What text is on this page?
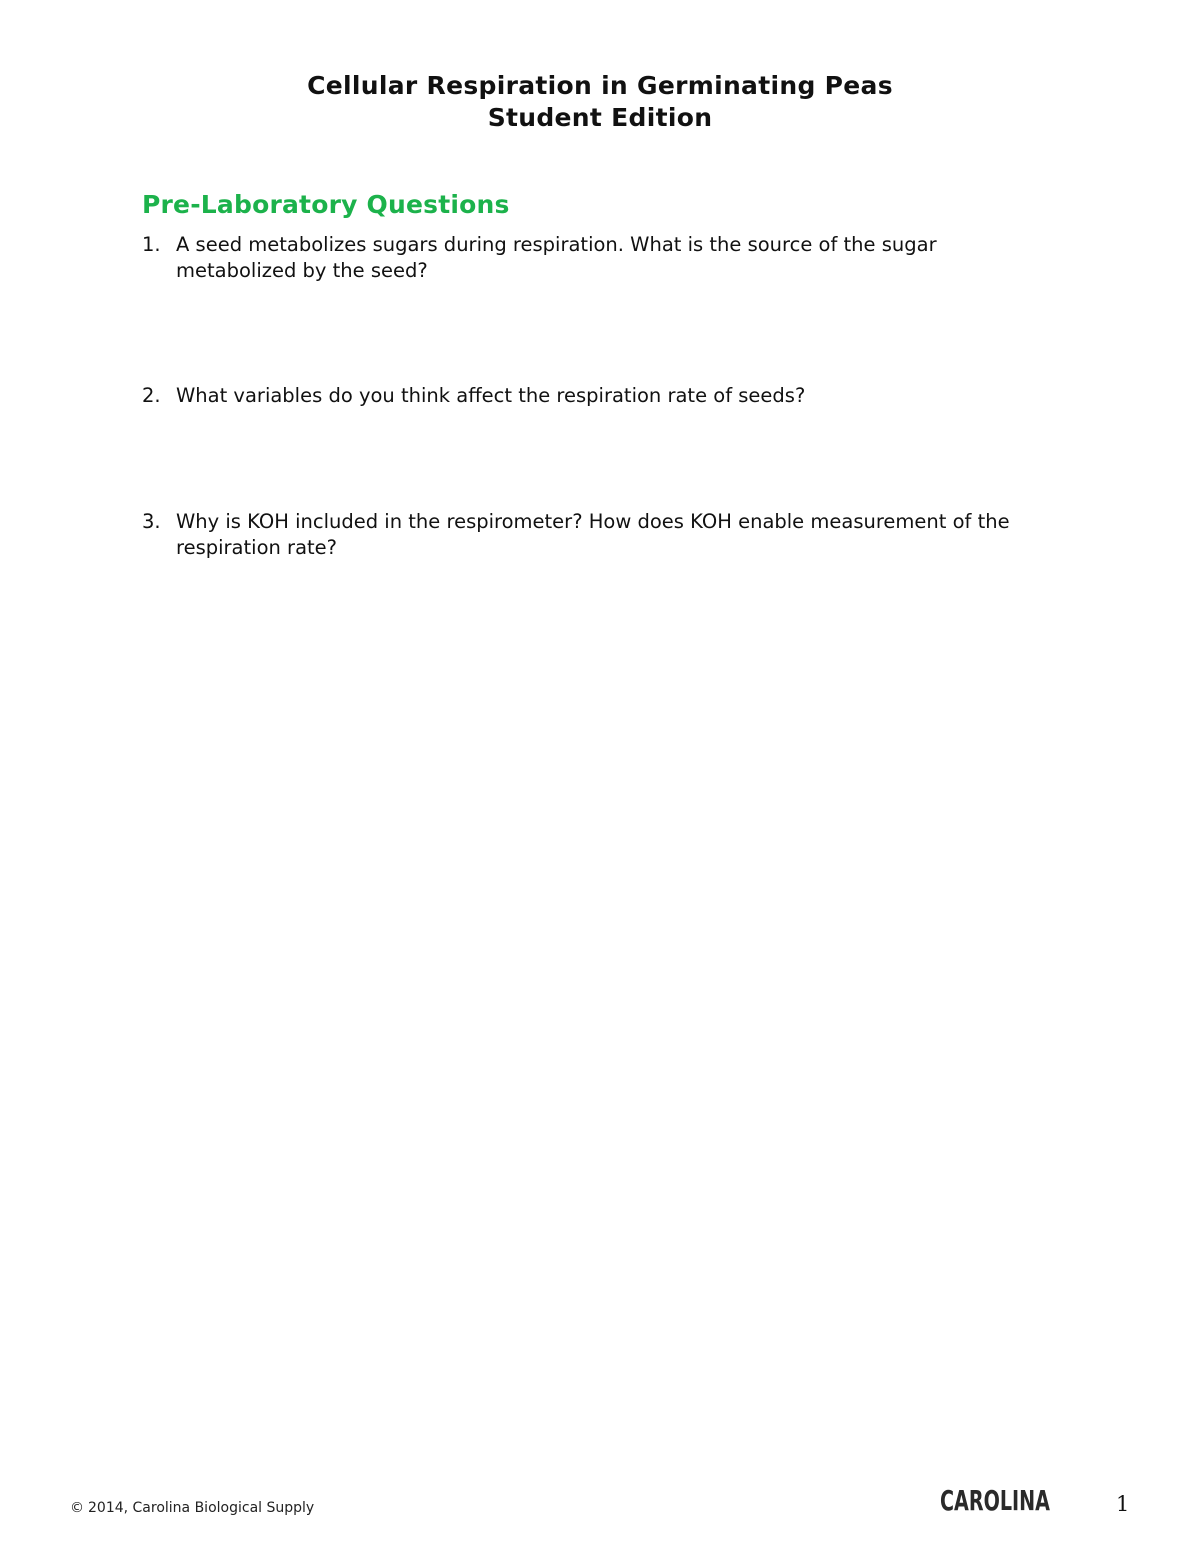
Cellular Respiration in Germinating Peas
Student Edition
Pre-Laboratory Questions
1. A seed metabolizes sugars during respiration. What is the source of the sugar metabolized by the seed?
2. What variables do you think affect the respiration rate of seeds?
3. Why is KOH included in the respirometer? How does KOH enable measurement of the respiration rate?
© 2014, Carolina Biological Supply	CAROLINA	1
